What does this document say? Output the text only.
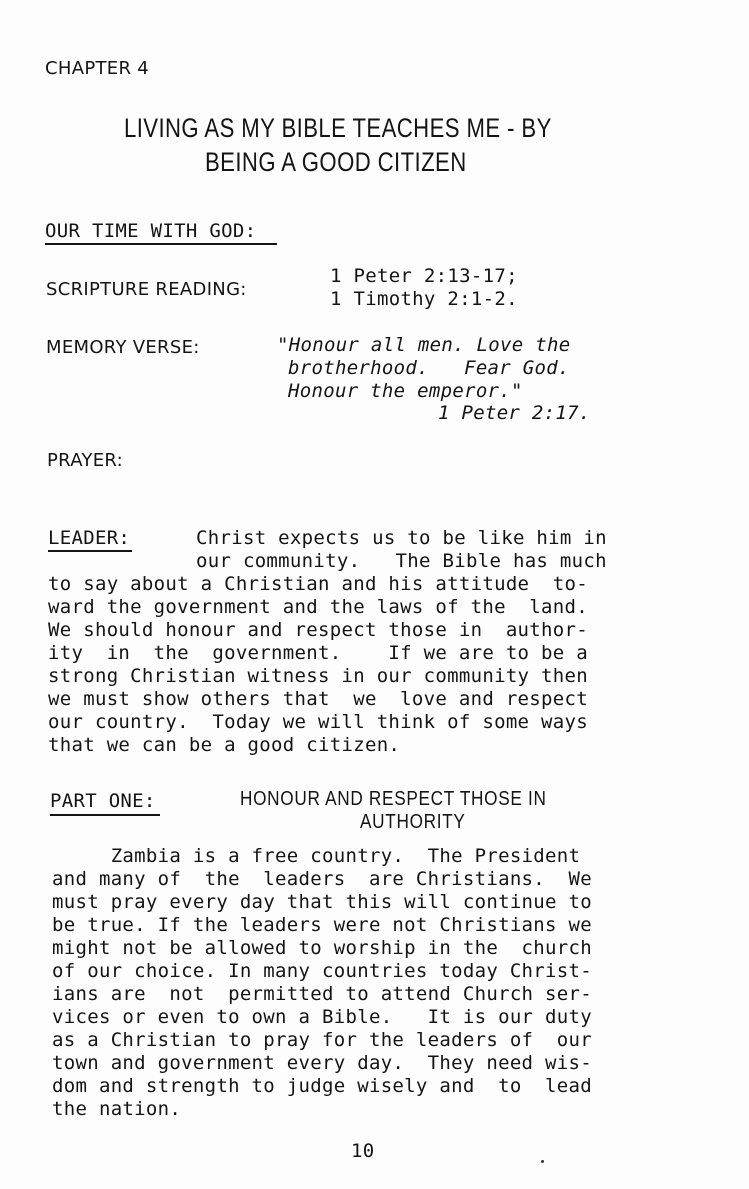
CHAPTER 4
LIVING AS MY BIBLE TEACHES ME - BY
BEING A GOOD CITIZEN
OUR TIME WITH GOD:
SCRIPTURE READING:
1 Peter 2:13-17;
1 Timothy 2:1-2.
MEMORY VERSE:	"Honour all men. Love the
brotherhood.   Fear God.
Honour the emperor."
1 Peter 2:17.
PRAYER:
LEADER:	Christ expects us to be like him in
our community.   The Bible has much
to say about a Christian and his attitude  to-
ward the government and the laws of the  land.
We should honour and respect those in  author-
ity  in  the  government.    If we are to be a
strong Christian witness in our community then
we must show others that  we  love and respect
our country.  Today we will think of some ways
that we can be a good citizen.
PART ONE:	HONOUR AND RESPECT THOSE IN
AUTHORITY
Zambia is a free country.  The President
and many of  the  leaders  are Christians.  We
must pray every day that this will continue to
be true. If the leaders were not Christians we
might not be allowed to worship in the  church
of our choice. In many countries today Christ-
ians are  not  permitted to attend Church ser-
vices or even to own a Bible.   It is our duty
as a Christian to pray for the leaders of  our
town and government every day.  They need wis-
dom and strength to judge wisely and  to  lead
the nation.
10
